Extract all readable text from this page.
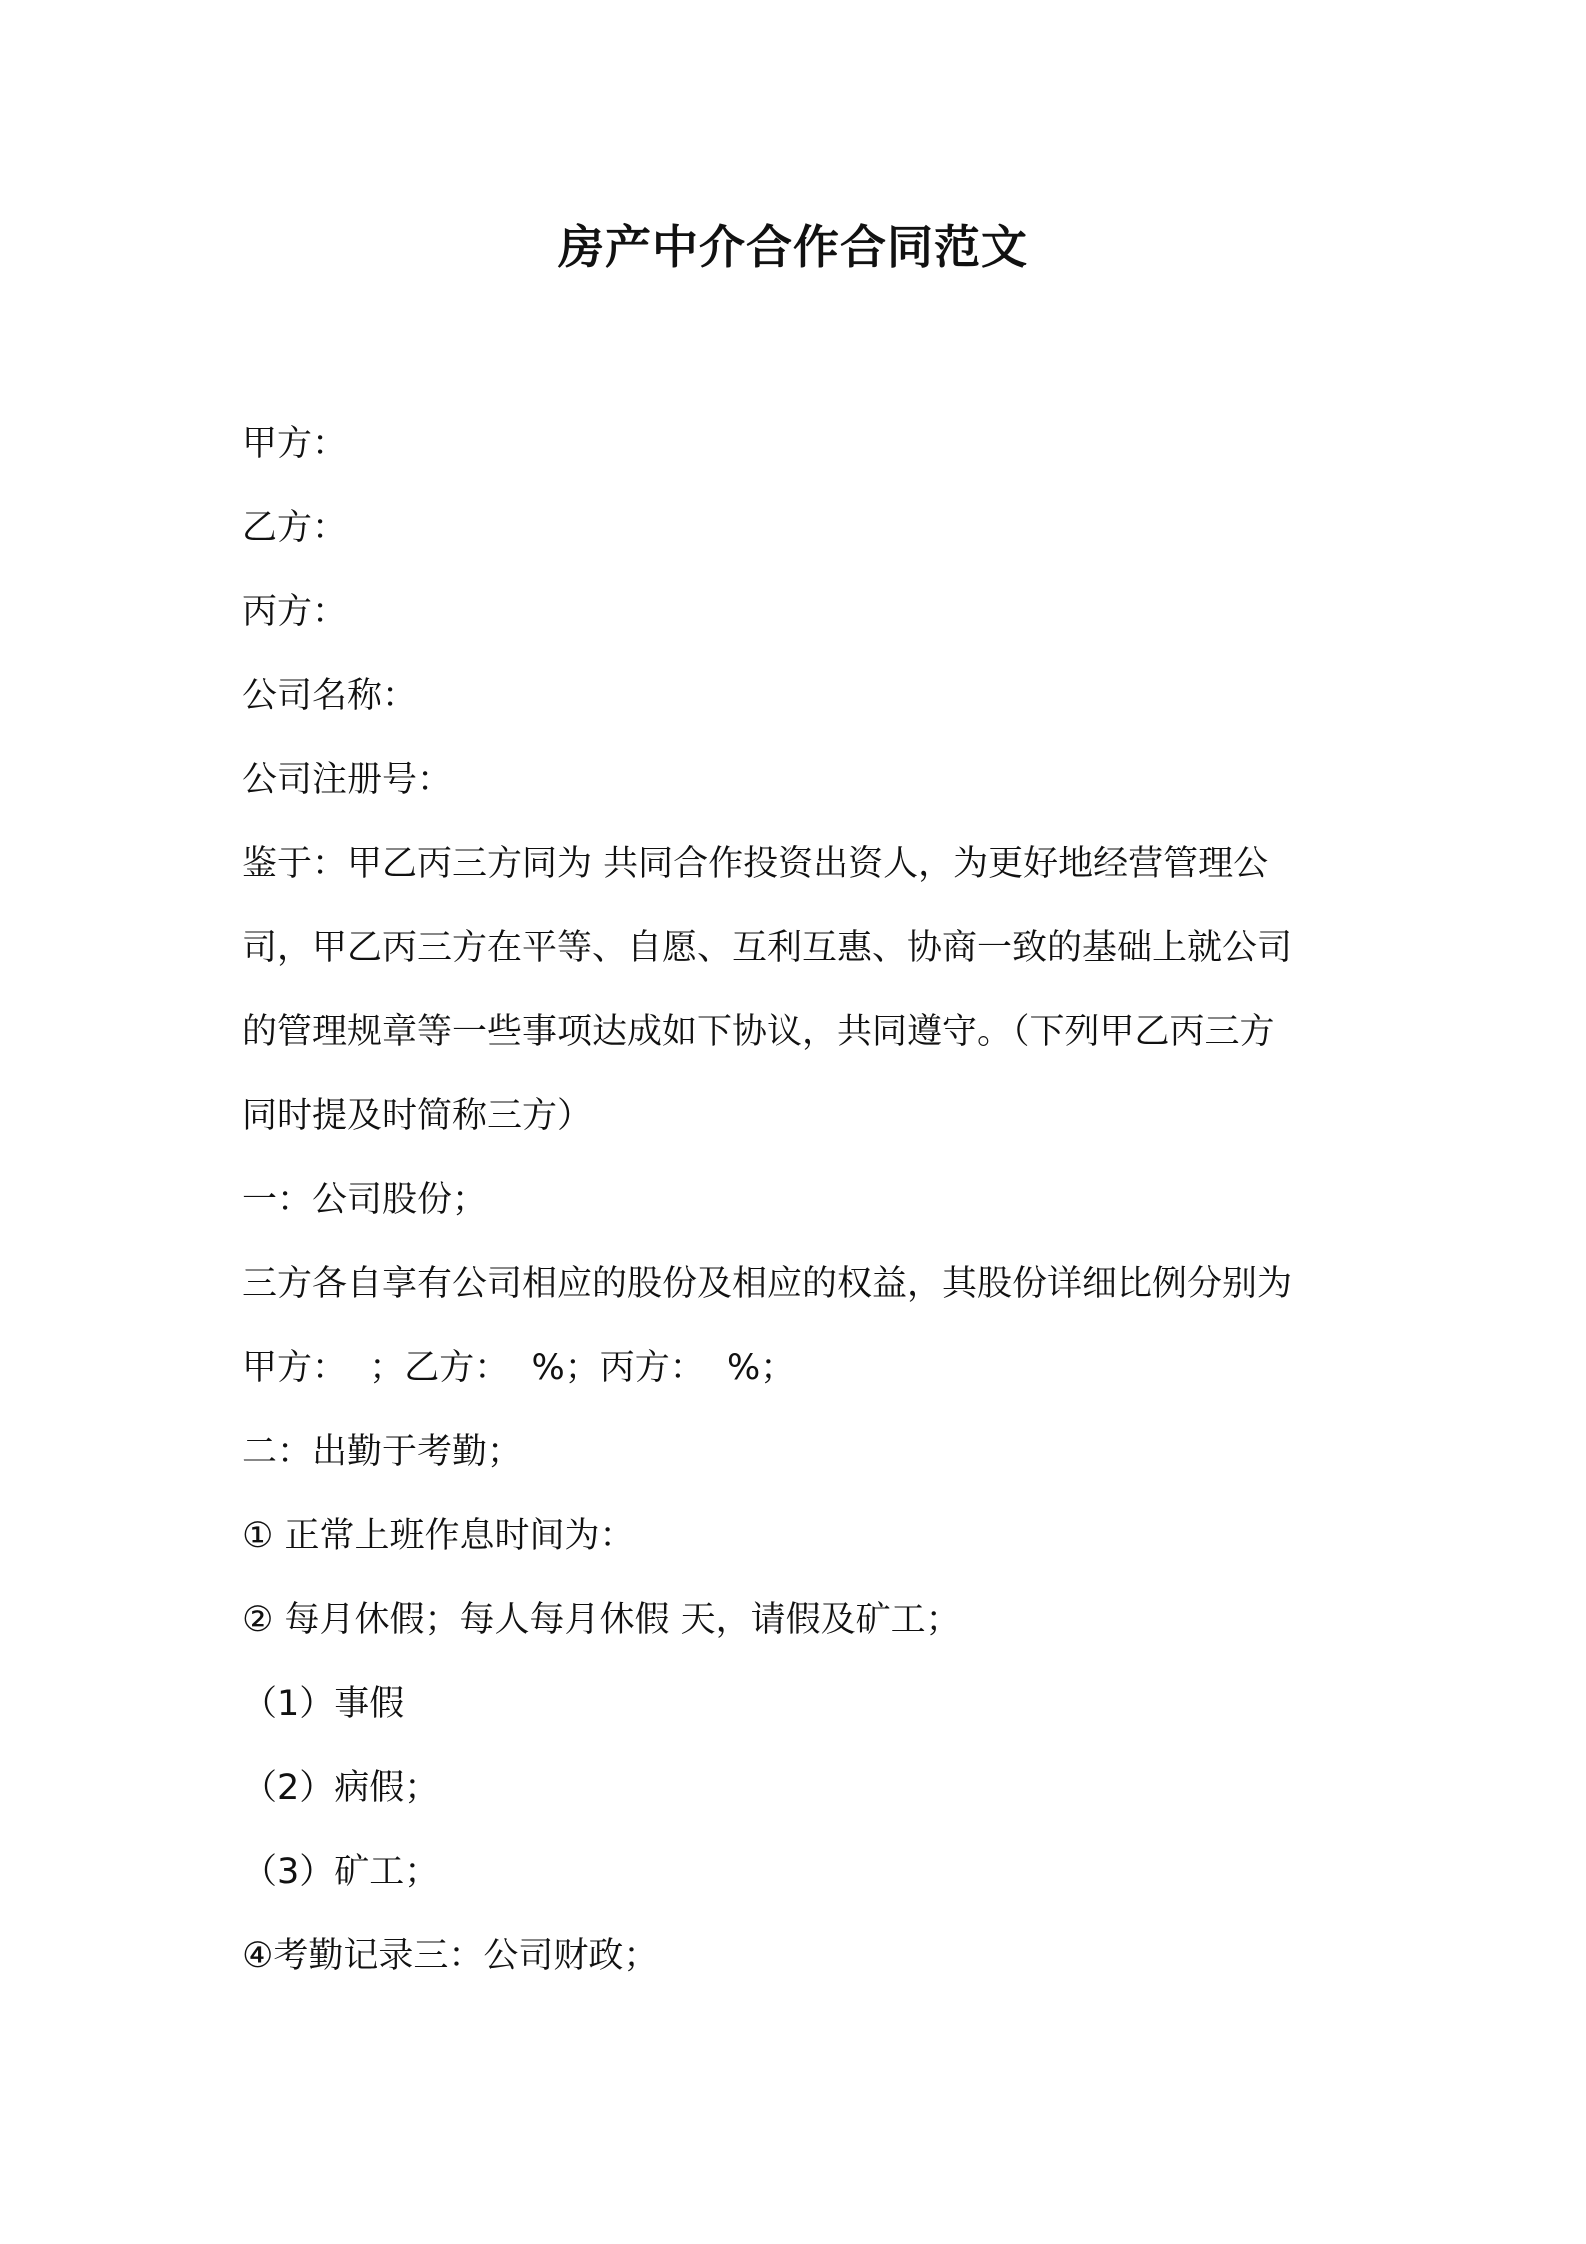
房产中介合作合同范文
甲方：
乙方：
丙方：
公司名称：
公司注册号：
鉴于：甲乙丙三方同为 共同合作投资出资人，为更好地经营管理公
司，甲乙丙三方在平等、自愿、互利互惠、协商一致的基础上就公司
的管理规章等一些事项达成如下协议，共同遵守。（下列甲乙丙三方
同时提及时简称三方）
一：公司股份；
三方各自享有公司相应的股份及相应的权益，其股份详细比例分别为
甲方：  ；乙方：  %；丙方：  %；
二：出勤于考勤；
① 正常上班作息时间为：
② 每月休假；每人每月休假 天，请假及矿工；
（1）事假
（2）病假；
（3）矿工；
④考勤记录三：公司财政；
